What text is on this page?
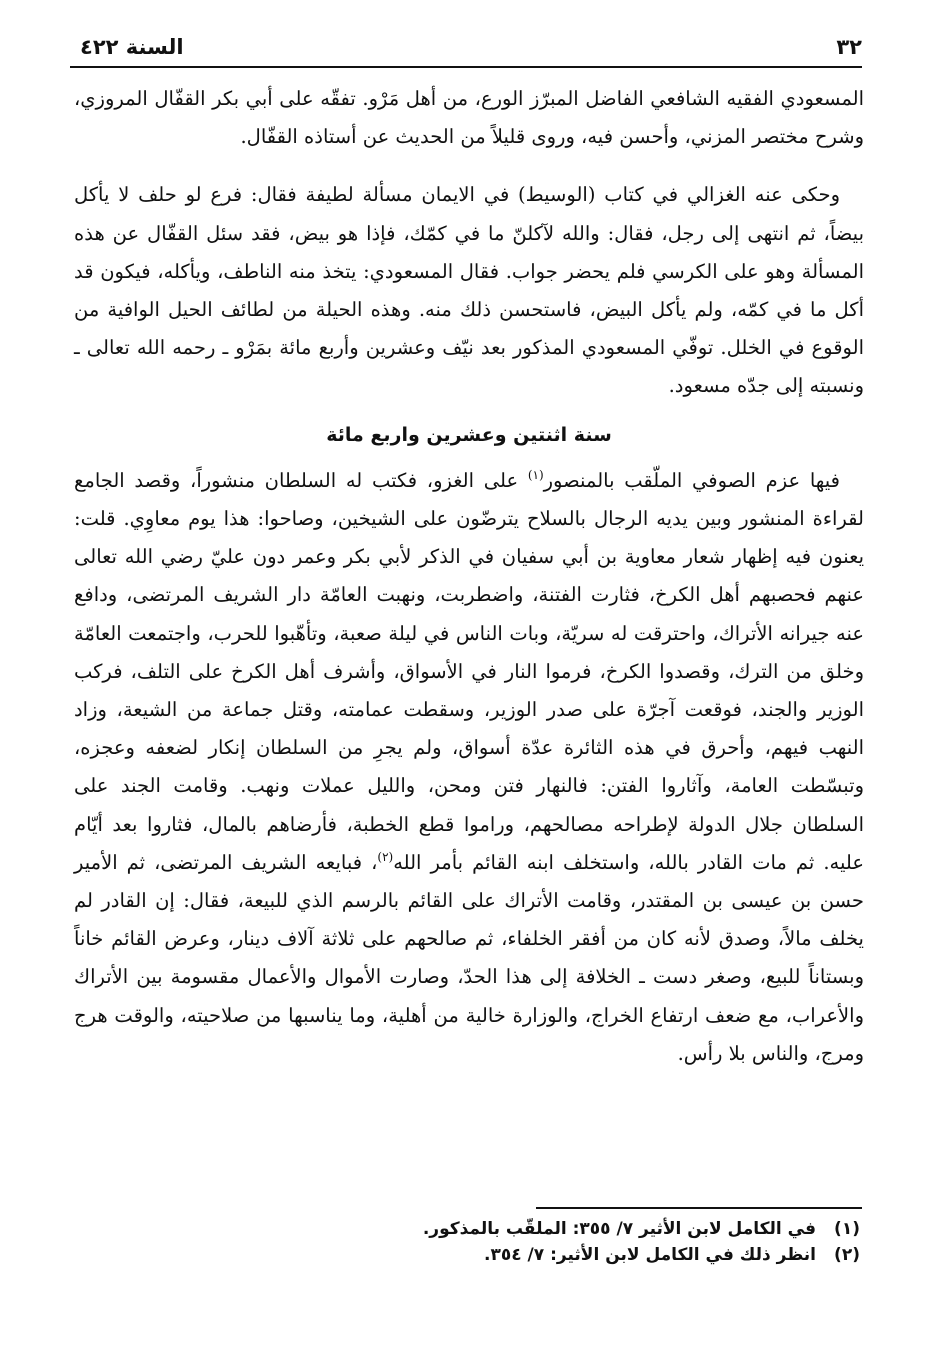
٣٢
السنة ٤٢٢

المسعودي الفقيه الشافعي الفاضل المبرّز الورع، من أهل مَرْو. تفقّه على أبي بكر القفّال المروزي، وشرح مختصر المزني، وأحسن فيه، وروى قليلاً من الحديث عن أستاذه القفّال.

وحكى عنه الغزالي في كتاب (الوسيط) في الايمان مسألة لطيفة فقال: فرع لو حلف لا يأكل بيضاً، ثم انتهى إلى رجل، فقال: والله لآكلنّ ما في كمّك، فإذا هو بيض، فقد سئل القفّال عن هذه المسألة وهو على الكرسي فلم يحضر جواب. فقال المسعودي: يتخذ منه الناطف، ويأكله، فيكون قد أكل ما في كمّه، ولم يأكل البيض، فاستحسن ذلك منه. وهذه الحيلة من لطائف الحيل الوافية من الوقوع في الخلل. توفّي المسعودي المذكور بعد نيّف وعشرين وأربع مائة بمَرْو ـ رحمه الله تعالى ـ ونسبته إلى جدّه مسعود.

سنة اثنتين وعشرين واربع مائة

فيها عزم الصوفي الملّقب بالمنصور$^{(١)}$ على الغزو، فكتب له السلطان منشوراً، وقصد الجامع لقراءة المنشور وبين يديه الرجال بالسلاح يترضّون على الشيخين، وصاحوا: هذا يوم معاوِي. قلت: يعنون فيه إظهار شعار معاوية بن أبي سفيان في الذكر لأبي بكر وعمر دون عليّ رضي الله تعالى عنهم فحصبهم أهل الكرخ، فثارت الفتنة، واضطربت، ونهبت العامّة دار الشريف المرتضى، ودافع عنه جيرانه الأتراك، واحترقت له سريّة، وبات الناس في ليلة صعبة، وتأهّبوا للحرب، واجتمعت العامّة وخلق من الترك، وقصدوا الكرخ، فرموا النار في الأسواق، وأشرف أهل الكرخ على التلف، فركب الوزير والجند، فوقعت آجرّة على صدر الوزير، وسقطت عمامته، وقتل جماعة من الشيعة، وزاد النهب فيهم، وأحرق في هذه الثائرة عدّة أسواق، ولم يجرِ من السلطان إنكار لضعفه وعجزه، وتبسّطت العامة، وآثاروا الفتن: فالنهار فتن ومحن، والليل عملات ونهب. وقامت الجند على السلطان جلال الدولة لإطراحه مصالحهم، وراموا قطع الخطبة، فأرضاهم بالمال، فثاروا بعد أيّام عليه. ثم مات القادر بالله، واستخلف ابنه القائم بأمر الله$^{(٢)}$، فبايعه الشريف المرتضى، ثم الأمير حسن بن عيسى بن المقتدر، وقامت الأتراك على القائم بالرسم الذي للبيعة، فقال: إن القادر لم يخلف مالاً، وصدق لأنه كان من أفقر الخلفاء، ثم صالحهم على ثلاثة آلاف دينار، وعرض القائم خاناً وبستاناً للبيع، وصغر دست ـ الخلافة إلى هذا الحدّ، وصارت الأموال والأعمال مقسومة بين الأتراك والأعراب، مع ضعف ارتفاع الخراج، والوزارة خالية من أهلية، وما يناسبها من صلاحيته، والوقت هرج ومرج، والناس بلا رأس.

(١)
في الكامل لابن الأثير ٧/ ٣٥٥: الملقّب بالمذكور.
(٢)
انظر ذلك في الكامل لابن الأثير: ٧/ ٣٥٤.
